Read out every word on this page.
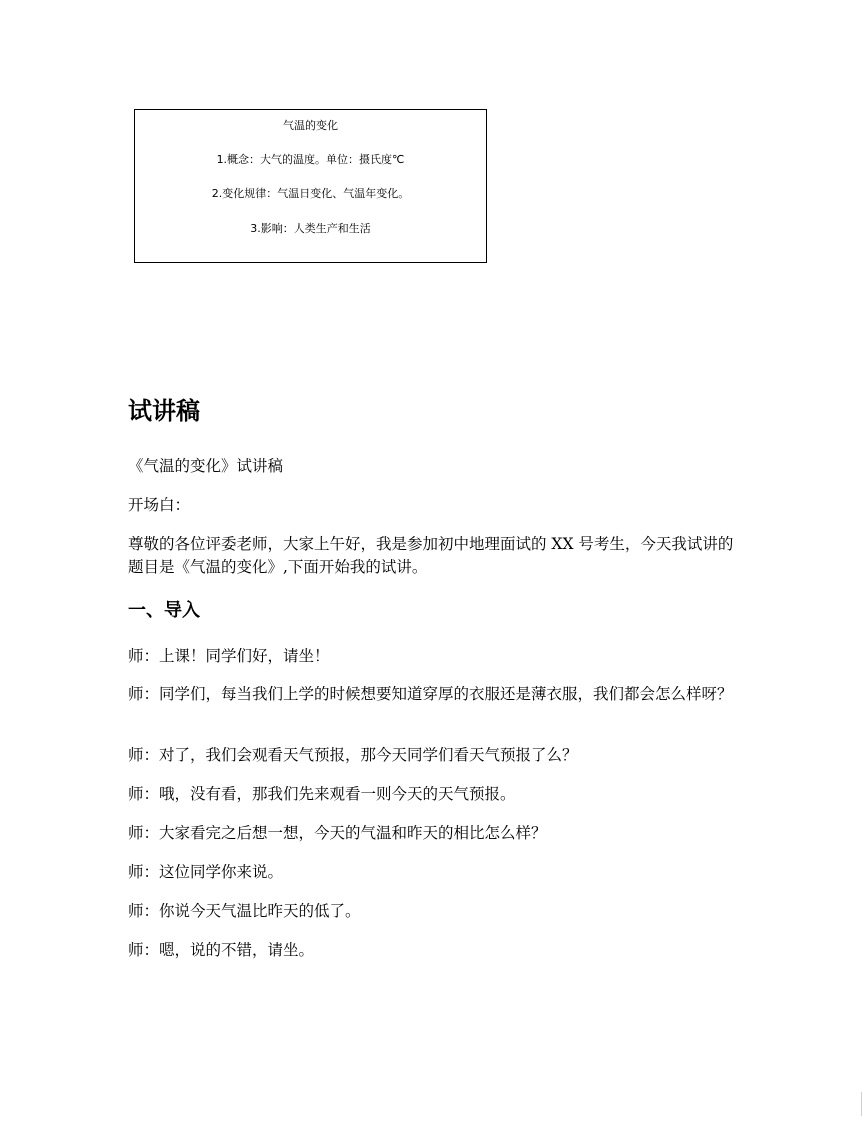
气温的变化
1.概念：大气的温度。单位：摄氏度℃
2.变化规律：气温日变化、气温年变化。
3.影响：人类生产和生活
试讲稿

《气温的变化》试讲稿

开场白：

尊敬的各位评委老师，大家上午好，我是参加初中地理面试的 XX 号考生，今天我试讲的题目是《气温的变化》,下面开始我的试讲。

一、导入

师：上课！同学们好，请坐！

师：同学们，每当我们上学的时候想要知道穿厚的衣服还是薄衣服，我们都会怎么样呀？

师：对了，我们会观看天气预报，那今天同学们看天气预报了么？

师：哦，没有看，那我们先来观看一则今天的天气预报。

师：大家看完之后想一想，今天的气温和昨天的相比怎么样？

师：这位同学你来说。

师：你说今天气温比昨天的低了。

师：嗯，说的不错，请坐。
